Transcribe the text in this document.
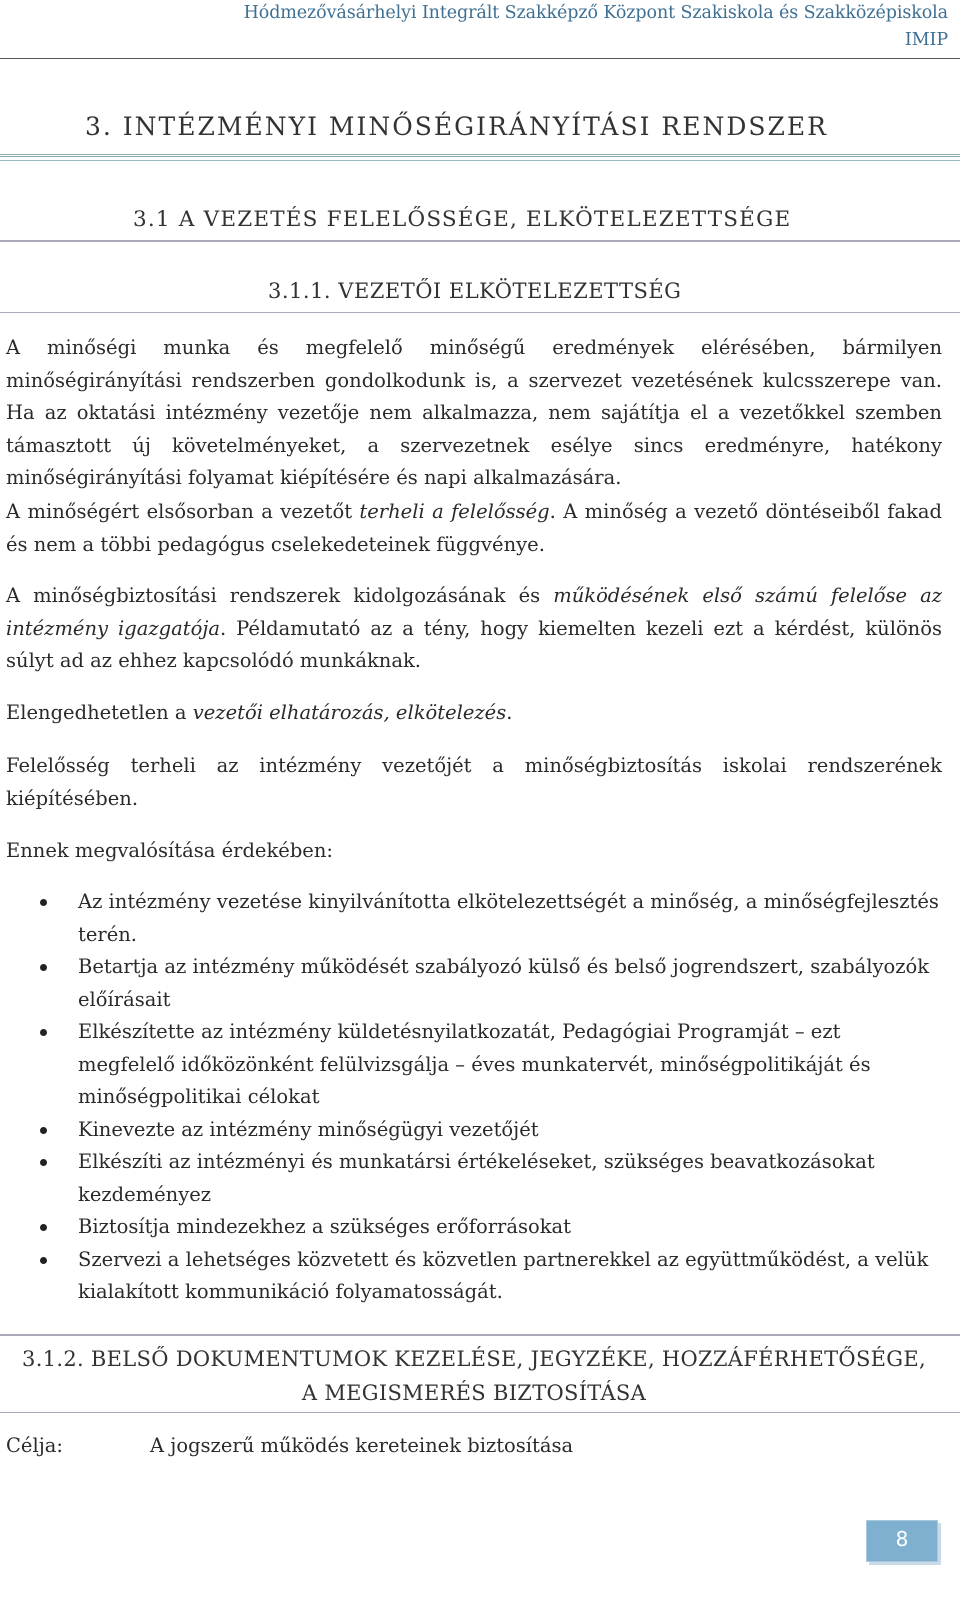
Hódmezővásárhelyi Integrált Szakképző Központ Szakiskola és Szakközépiskola
IMIP
3. INTÉZMÉNYI MINŐSÉGIRÁNYÍTÁSI RENDSZER
3.1 A VEZETÉS FELELŐSSÉGE, ELKÖTELEZETTSÉGE
3.1.1. VEZETŐI ELKÖTELEZETTSÉG

A minőségi munka és megfelelő minőségű eredmények elérésében, bármilyen minőségirányítási rendszerben gondolkodunk is, a szervezet vezetésének kulcsszerepe van. Ha az oktatási intézmény vezetője nem alkalmazza, nem sajátítja el a vezetőkkel szemben támasztott új követelményeket, a szervezetnek esélye sincs eredményre, hatékony minőségirányítási folyamat kiépítésére és napi alkalmazására.

A minőségért elsősorban a vezetőt terheli a felelősség. A minőség a vezető döntéseiből fakad és nem a többi pedagógus cselekedeteinek függvénye.

A minőségbiztosítási rendszerek kidolgozásának és működésének első számú felelőse az intézmény igazgatója. Példamutató az a tény, hogy kiemelten kezeli ezt a kérdést, különös súlyt ad az ehhez kapcsolódó munkáknak.

Elengedhetetlen a vezetői elhatározás, elkötelezés.

Felelősség terheli az intézmény vezetőjét a minőségbiztosítás iskolai rendszerének kiépítésében.

Ennek megvalósítása érdekében:

Az intézmény vezetése kinyilvánította elkötelezettségét a minőség, a minőségfejlesztés terén.
Betartja az intézmény működését szabályozó külső és belső jogrendszert, szabályozók előírásait
Elkészítette az intézmény küldetésnyilatkozatát, Pedagógiai Programját – ezt megfelelő időközönként felülvizsgálja – éves munkatervét, minőségpolitikáját és minőségpolitikai célokat
Kinevezte az intézmény minőségügyi vezetőjét
Elkészíti az intézményi és munkatársi értékeléseket, szükséges beavatkozásokat kezdeményez
Biztosítja mindezekhez a szükséges erőforrásokat
Szervezi a lehetséges közvetett és közvetlen partnerekkel az együttműködést, a velük kialakított kommunikáció folyamatosságát.
3.1.2. BELSŐ DOKUMENTUMOK KEZELÉSE, JEGYZÉKE, HOZZÁFÉRHETŐSÉGE,
A MEGISMERÉS BIZTOSÍTÁSA
Célja:	A jogszerű működés kereteinek biztosítása
8
